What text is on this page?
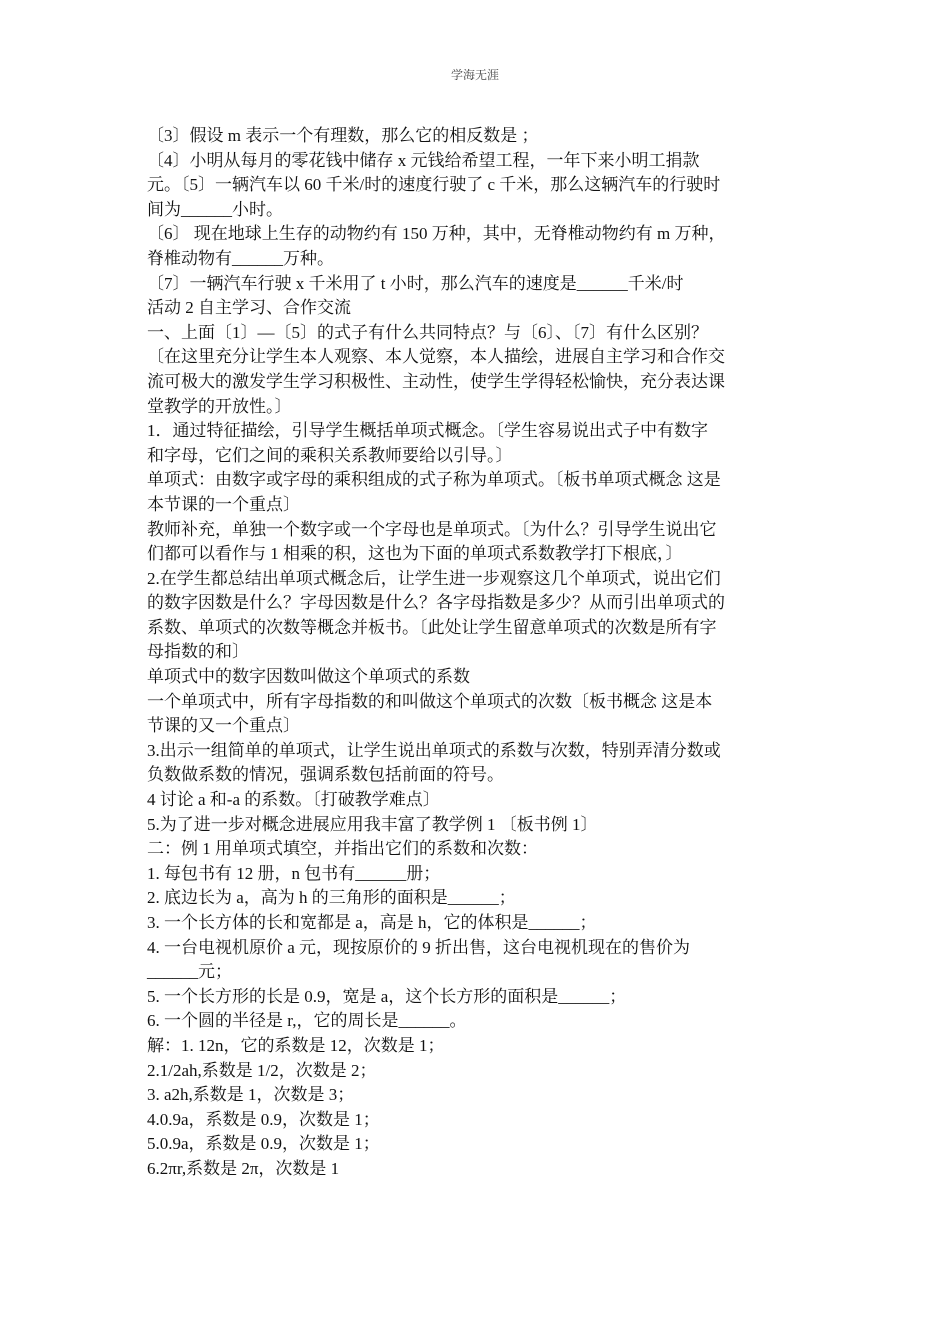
学海无涯
〔3〕假设 m 表示一个有理数，那么它的相反数是 ；
〔4〕小明从每月的零花钱中储存 x 元钱给希望工程，一年下来小明工捐款
元。〔5〕一辆汽车以 60 千米/时的速度行驶了 c 千米，那么这辆汽车的行驶时
间为______小时。
〔6〕 现在地球上生存的动物约有 150 万种，其中，无脊椎动物约有 m 万种，
脊椎动物有______万种。
〔7〕一辆汽车行驶 x 千米用了 t 小时，那么汽车的速度是______千米/时
活动 2 自主学习、合作交流
一、上面〔1〕—〔5〕的式子有什么共同特点？与〔6〕、〔7〕有什么区别？
〔在这里充分让学生本人观察、本人觉察，本人描绘，进展自主学习和合作交
流可极大的激发学生学习积极性、主动性，使学生学得轻松愉快，充分表达课
堂教学的开放性。〕
1．通过特征描绘，引导学生概括单项式概念。〔学生容易说出式子中有数字
和字母，它们之间的乘积关系教师要给以引导。〕
单项式：由数字或字母的乘积组成的式子称为单项式。〔板书单项式概念 这是
本节课的一个重点〕
教师补充，单独一个数字或一个字母也是单项式。〔为什么？引导学生说出它
们都可以看作与 1 相乘的积，这也为下面的单项式系数教学打下根底，〕
2.在学生都总结出单项式概念后，让学生进一步观察这几个单项式，说出它们
的数字因数是什么？字母因数是什么？各字母指数是多少？从而引出单项式的
系数、单项式的次数等概念并板书。〔此处让学生留意单项式的次数是所有字
母指数的和〕
单项式中的数字因数叫做这个单项式的系数
一个单项式中，所有字母指数的和叫做这个单项式的次数〔板书概念 这是本
节课的又一个重点〕
3.出示一组简单的单项式，让学生说出单项式的系数与次数，特别弄清分数或
负数做系数的情况，强调系数包括前面的符号。
4 讨论 a 和-a 的系数。〔打破教学难点〕
5.为了进一步对概念进展应用我丰富了教学例 1 〔板书例 1〕
二：例 1 用单项式填空，并指出它们的系数和次数：
1. 每包书有 12 册，n 包书有______册；
2. 底边长为 a，高为 h 的三角形的面积是______；
3. 一个长方体的长和宽都是 a，高是 h，它的体积是______；
4. 一台电视机原价 a 元，现按原价的 9 折出售，这台电视机现在的售价为
______元；
5. 一个长方形的长是 0.9，宽是 a，这个长方形的面积是______；
6. 一个圆的半径是 r,，它的周长是______。
解：1. 12n，它的系数是 12，次数是 1；
2.1/2ah,系数是 1/2，次数是 2；
3. a2h,系数是 1，次数是 3；
4.0.9a，系数是 0.9，次数是 1；
5.0.9a，系数是 0.9，次数是 1；
6.2πr,系数是 2π，次数是 1
